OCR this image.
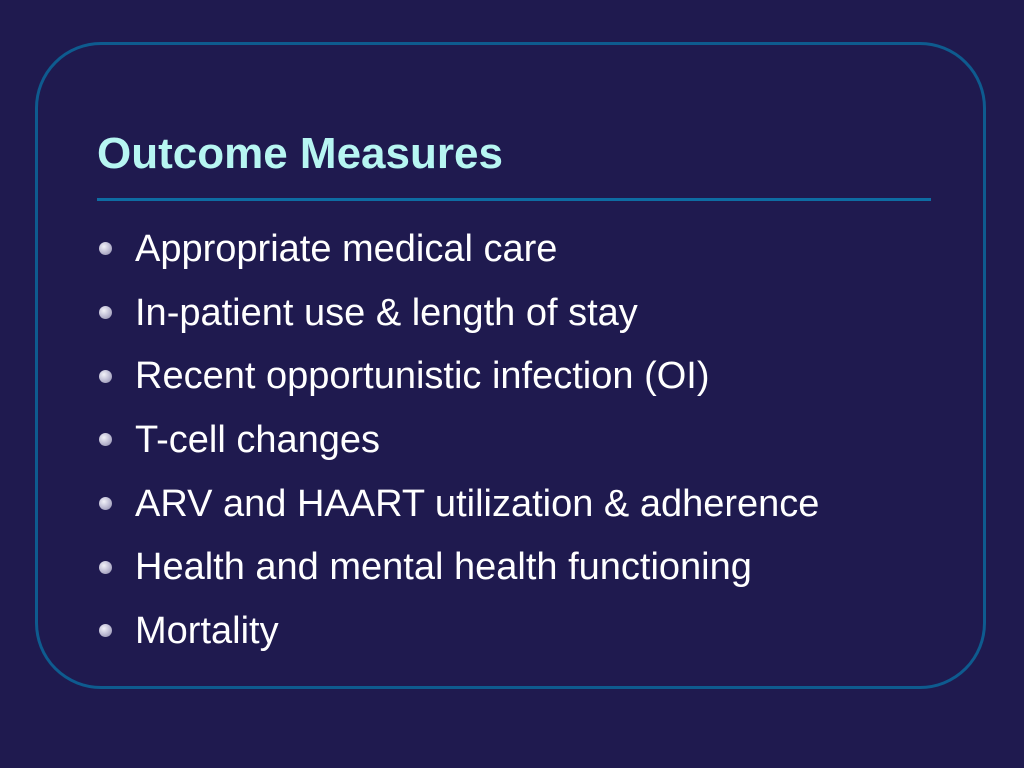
Outcome Measures
Appropriate medical care
In-patient use & length of stay
Recent opportunistic infection (OI)
T-cell changes
ARV and HAART utilization & adherence
Health and mental health functioning
Mortality
